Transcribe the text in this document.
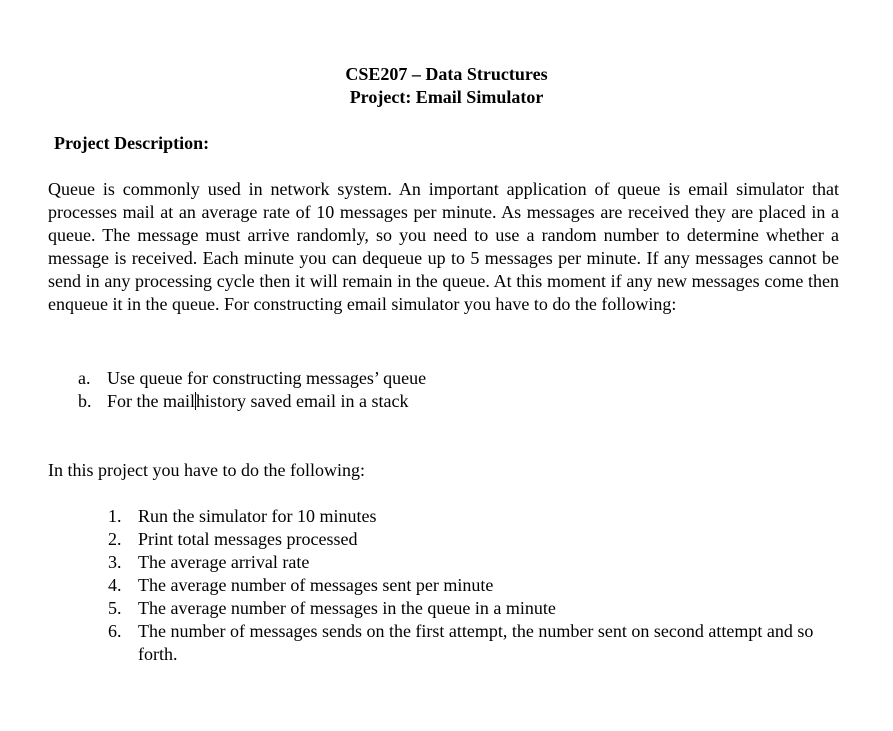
CSE207 – Data Structures
Project: Email Simulator
Project Description:

Queue is commonly used in network system. An important application of queue is email simulator that processes mail at an average rate of 10 messages per minute. As messages are received they are placed in a queue. The message must arrive randomly, so you need to use a random number to determine whether a message is received. Each minute you can dequeue up to 5 messages per minute. If any messages cannot be send in any processing cycle then it will remain in the queue. At this moment if any new messages come then enqueue it in the queue. For constructing email simulator you have to do the following:

a. Use queue for constructing messages’ queue
b. For the mailhistory saved email in a stack

In this project you have to do the following:

1. Run the simulator for 10 minutes
2. Print total messages processed
3. The average arrival rate
4. The average number of messages sent per minute
5. The average number of messages in the queue in a minute
6. The number of messages sends on the first attempt, the number sent on second attempt and so forth.
